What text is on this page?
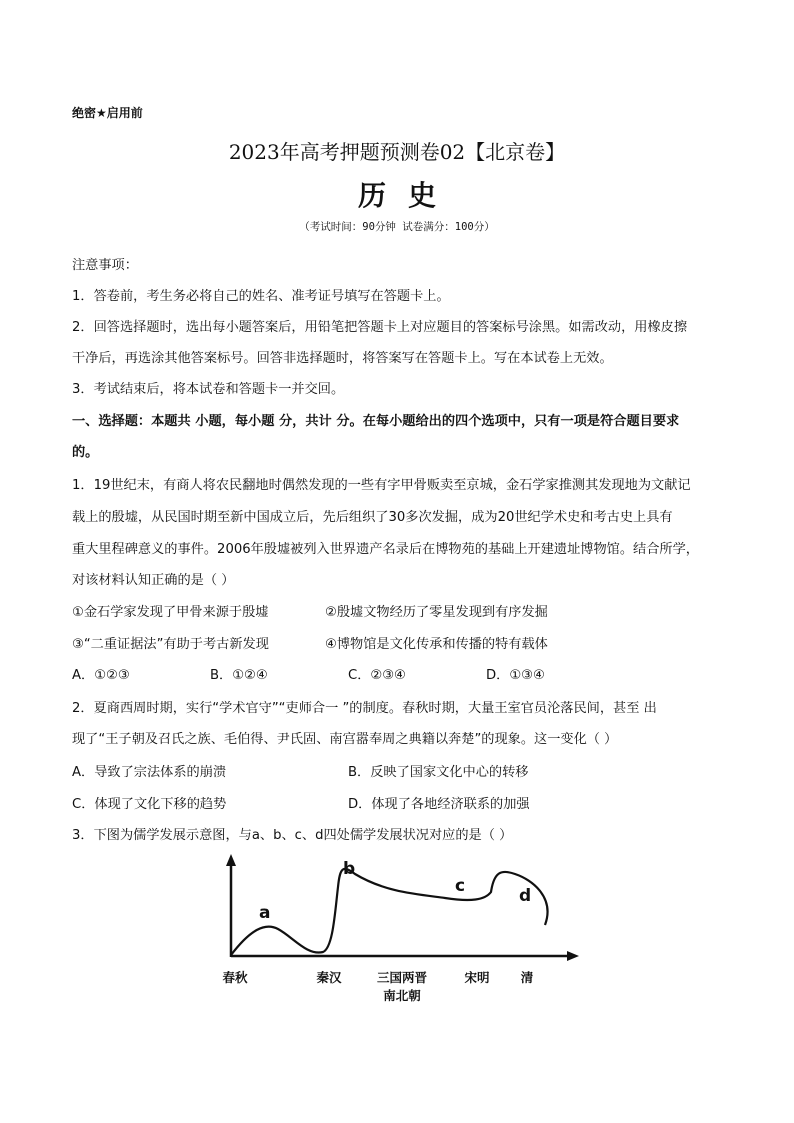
绝密★启用前
2023年高考押题预测卷02【北京卷】
历史
（考试时间：90分钟 试卷满分：100分）
注意事项：
1．答卷前，考生务必将自己的姓名、准考证号填写在答题卡上。
2．回答选择题时，选出每小题答案后，用铅笔把答题卡上对应题目的答案标号涂黑。如需改动，用橡皮擦
干净后，再选涂其他答案标号。回答非选择题时，将答案写在答题卡上。写在本试卷上无效。
3．考试结束后，将本试卷和答题卡一并交回。
一、选择题：本题共 小题，每小题 分，共计 分。在每小题给出的四个选项中，只有一项是符合题目要求
的。
1．19世纪末，有商人将农民翻地时偶然发现的一些有字甲骨贩卖至京城，金石学家推测其发现地为文献记
载上的殷墟，从民国时期至新中国成立后，先后组织了30多次发掘，成为20世纪学术史和考古史上具有
重大里程碑意义的事件。2006年殷墟被列入世界遗产名录后在博物苑的基础上开建遗址博物馆。结合所学，
对该材料认知正确的是（ ）
①金石学家发现了甲骨来源于殷墟	②殷墟文物经历了零星发现到有序发掘
③“二重证据法”有助于考古新发现	④博物馆是文化传承和传播的特有载体
A．①②③	B．①②④	C．②③④	D．①③④
2．夏商西周时期，实行“学术官守”“吏师合一 ”的制度。春秋时期，大量王室官员沦落民间，甚至 出
现了“王子朝及召氏之族、毛伯得、尹氏固、南宫嚣奉周之典籍以奔楚”的现象。这一变化（ ）
A．导致了宗法体系的崩溃	B．反映了国家文化中心的转移
C．体现了文化下移的趋势	D．体现了各地经济联系的加强
3．下图为儒学发展示意图，与a、b、c、d四处儒学发展状况对应的是（ ）
a
b
c	d
春秋	秦汉	三国两晋
南北朝
宋明 清
